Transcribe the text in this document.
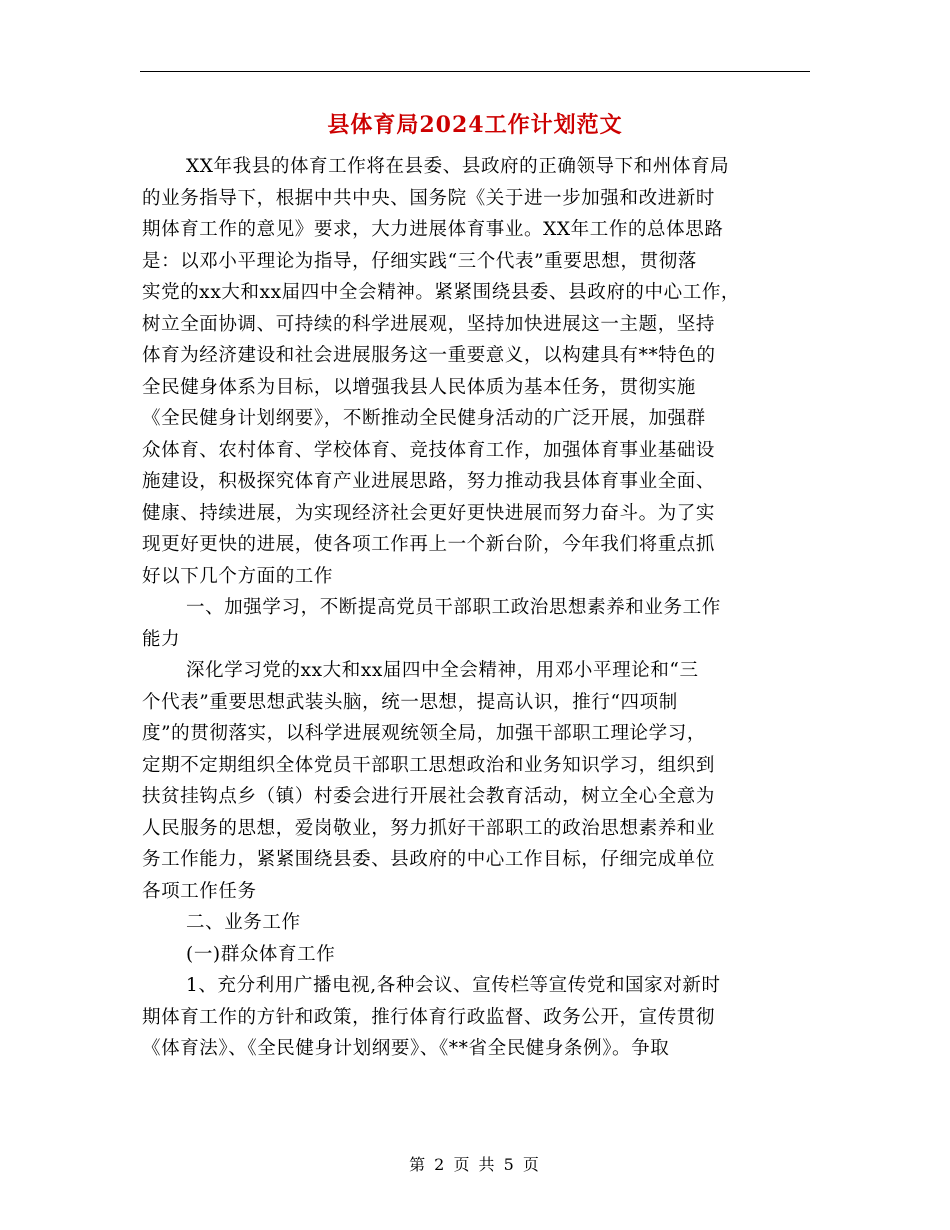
县体育局2024工作计划范文
XX年我县的体育工作将在县委、县政府的正确领导下和州体育局
的业务指导下，根据中共中央、国务院《关于进一步加强和改进新时
期体育工作的意见》要求，大力进展体育事业。XX年工作的总体思路
是：以邓小平理论为指导，仔细实践“三个代表”重要思想，贯彻落
实党的xx大和xx届四中全会精神。紧紧围绕县委、县政府的中心工作，
树立全面协调、可持续的科学进展观，坚持加快进展这一主题，坚持
体育为经济建设和社会进展服务这一重要意义，以构建具有**特色的
全民健身体系为目标，以增强我县人民体质为基本任务，贯彻实施
《全民健身计划纲要》，不断推动全民健身活动的广泛开展，加强群
众体育、农村体育、学校体育、竞技体育工作，加强体育事业基础设
施建设，积极探究体育产业进展思路，努力推动我县体育事业全面、
健康、持续进展，为实现经济社会更好更快进展而努力奋斗。为了实
现更好更快的进展，使各项工作再上一个新台阶，今年我们将重点抓
好以下几个方面的工作
一、加强学习，不断提高党员干部职工政治思想素养和业务工作
能力
深化学习党的xx大和xx届四中全会精神，用邓小平理论和“三
个代表”重要思想武装头脑，统一思想，提高认识，推行“四项制
度”的贯彻落实，以科学进展观统领全局，加强干部职工理论学习，
定期不定期组织全体党员干部职工思想政治和业务知识学习，组织到
扶贫挂钩点乡（镇）村委会进行开展社会教育活动，树立全心全意为
人民服务的思想，爱岗敬业，努力抓好干部职工的政治思想素养和业
务工作能力，紧紧围绕县委、县政府的中心工作目标，仔细完成单位
各项工作任务
二、业务工作
(一)群众体育工作
1、充分利用广播电视,各种会议、宣传栏等宣传党和国家对新时
期体育工作的方针和政策，推行体育行政监督、政务公开，宣传贯彻
《体育法》、《全民健身计划纲要》、《**省全民健身条例》。争取
第 2 页 共 5 页
